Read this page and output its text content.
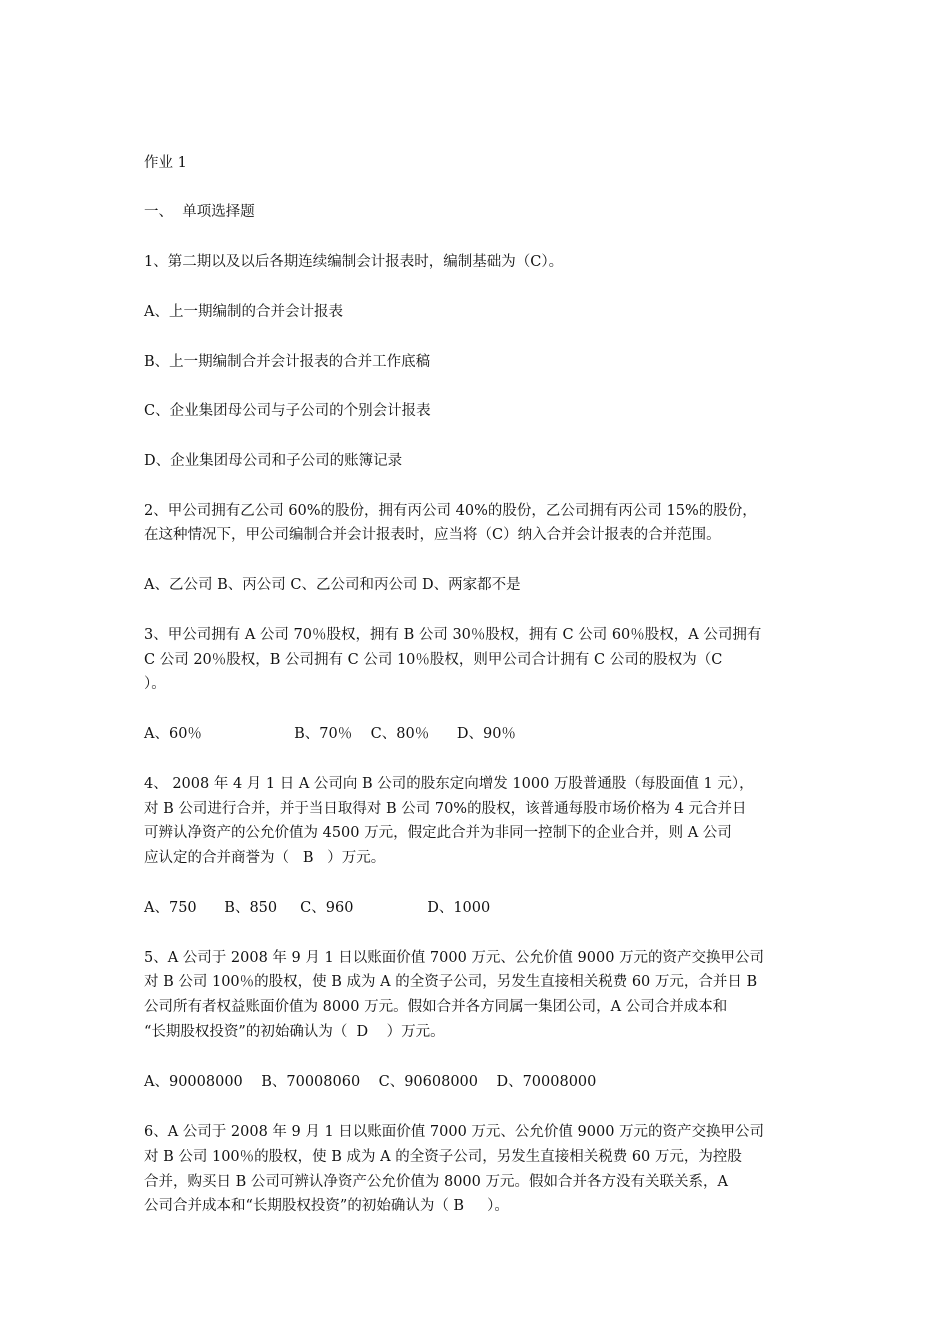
作业 1
一、  单项选择题
1、第二期以及以后各期连续编制会计报表时，编制基础为（C）。
A、上一期编制的合并会计报表
B、上一期编制合并会计报表的合并工作底稿
C、企业集团母公司与子公司的个别会计报表
D、企业集团母公司和子公司的账簿记录
2、甲公司拥有乙公司 60%的股份，拥有丙公司 40%的股份，乙公司拥有丙公司 15%的股份，
在这种情况下，甲公司编制合并会计报表时，应当将（C）纳入合并会计报表的合并范围。
A、乙公司 B、丙公司 C、乙公司和丙公司 D、两家都不是
3、甲公司拥有 A 公司 70％股权，拥有 B 公司 30％股权，拥有 C 公司 60％股权，A 公司拥有
C 公司 20％股权，B 公司拥有 C 公司 10％股权，则甲公司合计拥有 C 公司的股权为（C
）。
A、60％                    B、70％    C、80％      D、90％
4、 2008 年 4 月 1 日 A 公司向 B 公司的股东定向增发 1000 万股普通股（每股面值 1 元），
对 B 公司进行合并，并于当日取得对 B 公司 70%的股权，该普通每股市场价格为 4 元合并日
可辨认净资产的公允价值为 4500 万元，假定此合并为非同一控制下的企业合并，则 A 公司
应认定的合并商誉为（   B   ）万元。
A、750      B、850     C、960                D、1000
5、A 公司于 2008 年 9 月 1 日以账面价值 7000 万元、公允价值 9000 万元的资产交换甲公司
对 B 公司 100％的股权，使 B 成为 A 的全资子公司，另发生直接相关税费 60 万元，合并日 B
公司所有者权益账面价值为 8000 万元。假如合并各方同属一集团公司，A 公司合并成本和
“长期股权投资”的初始确认为（  D    ）万元。
A、90008000    B、70008060    C、90608000    D、70008000
6、A 公司于 2008 年 9 月 1 日以账面价值 7000 万元、公允价值 9000 万元的资产交换甲公司
对 B 公司 100％的股权，使 B 成为 A 的全资子公司，另发生直接相关税费 60 万元，为控股
合并，购买日 B 公司可辨认净资产公允价值为 8000 万元。假如合并各方没有关联关系，A
公司合并成本和“长期股权投资”的初始确认为（ B     ）。
